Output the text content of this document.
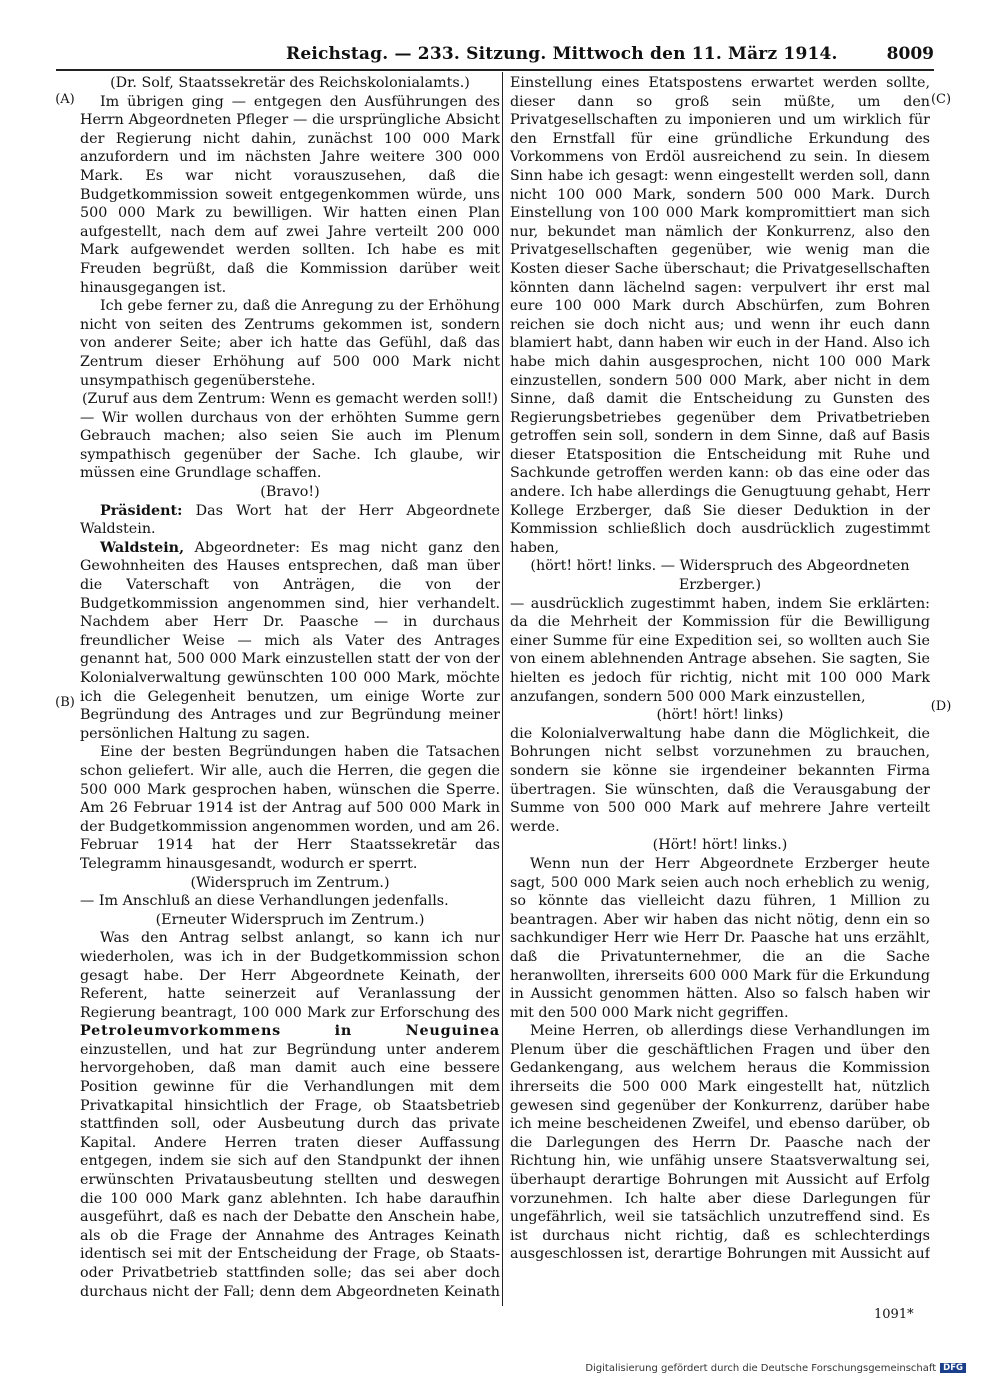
Reichstag. — 233. Sitzung. Mittwoch den 11. März 1914.	8009
(A)
(B)
(C)
(D)

(Dr. Solf, Staatssekretär des Reichskolonialamts.)

Im übrigen ging — entgegen den Ausführungen des Herrn Abgeordneten Pfleger — die ursprüngliche Absicht der Regierung nicht dahin, zunächst 100 000 Mark anzufordern und im nächsten Jahre weitere 300 000 Mark. Es war nicht vorauszusehen, daß die Budgetkommission soweit entgegenkommen würde, uns 500 000 Mark zu bewilligen. Wir hatten einen Plan aufgestellt, nach dem auf zwei Jahre verteilt 200 000 Mark aufgewendet werden sollten. Ich habe es mit Freuden begrüßt, daß die Kommission darüber weit hinausgegangen ist.

Ich gebe ferner zu, daß die Anregung zu der Erhöhung nicht von seiten des Zentrums gekommen ist, sondern von anderer Seite; aber ich hatte das Gefühl, daß das Zentrum dieser Erhöhung auf 500 000 Mark nicht unsympathisch gegenüberstehe.

(Zuruf aus dem Zentrum: Wenn es gemacht werden soll!)

— Wir wollen durchaus von der erhöhten Summe gern Gebrauch machen; also seien Sie auch im Plenum sympathisch gegenüber der Sache. Ich glaube, wir müssen eine Grundlage schaffen.

(Bravo!)

Präsident: Das Wort hat der Herr Abgeordnete Waldstein.

Waldstein, Abgeordneter: Es mag nicht ganz den Gewohnheiten des Hauses entsprechen, daß man über die Vaterschaft von Anträgen, die von der Budgetkommission angenommen sind, hier verhandelt. Nachdem aber Herr Dr. Paasche — in durchaus freundlicher Weise — mich als Vater des Antrages genannt hat, 500 000 Mark einzustellen statt der von der Kolonialverwaltung gewünschten 100 000 Mark, möchte ich die Gelegenheit benutzen, um einige Worte zur Begründung des Antrages und zur Begründung meiner persönlichen Haltung zu sagen.

Eine der besten Begründungen haben die Tatsachen schon geliefert. Wir alle, auch die Herren, die gegen die 500 000 Mark gesprochen haben, wünschen die Sperre. Am 26 Februar 1914 ist der Antrag auf 500 000 Mark in der Budgetkommission angenommen worden, und am 26. Februar 1914 hat der Herr Staatssekretär das Telegramm hinausgesandt, wodurch er sperrt.

(Widerspruch im Zentrum.)

— Im Anschluß an diese Verhandlungen jedenfalls.

(Erneuter Widerspruch im Zentrum.)

Was den Antrag selbst anlangt, so kann ich nur wiederholen, was ich in der Budgetkommission schon gesagt habe. Der Herr Abgeordnete Keinath, der Referent, hatte seinerzeit auf Veranlassung der Regierung beantragt, 100 000 Mark zur Erforschung des Petroleumvorkommens in Neuguinea einzustellen, und hat zur Begründung unter anderem hervorgehoben, daß man damit auch eine bessere Position gewinne für die Verhandlungen mit dem Privatkapital hinsichtlich der Frage, ob Staatsbetrieb stattfinden soll, oder Ausbeutung durch das private Kapital. Andere Herren traten dieser Auffassung entgegen, indem sie sich auf den Standpunkt der ihnen erwünschten Privatausbeutung stellten und deswegen die 100 000 Mark ganz ablehnten. Ich habe daraufhin ausgeführt, daß es nach der Debatte den Anschein habe, als ob die Frage der Annahme des Antrages Keinath identisch sei mit der Entscheidung der Frage, ob Staats- oder Privatbetrieb stattfinden solle; das sei aber doch durchaus nicht der Fall; denn dem Abgeordneten Keinath

Einstellung eines Etatspostens erwartet werden sollte, dieser dann so groß sein müßte, um den Privatgesellschaften zu imponieren und um wirklich für den Ernstfall für eine gründliche Erkundung des Vorkommens von Erdöl ausreichend zu sein. In diesem Sinn habe ich gesagt: wenn eingestellt werden soll, dann nicht 100 000 Mark, sondern 500 000 Mark. Durch Einstellung von 100 000 Mark kompromittiert man sich nur, bekundet man nämlich der Konkurrenz, also den Privatgesellschaften gegenüber, wie wenig man die Kosten dieser Sache überschaut; die Privatgesellschaften könnten dann lächelnd sagen: verpulvert ihr erst mal eure 100 000 Mark durch Abschürfen, zum Bohren reichen sie doch nicht aus; und wenn ihr euch dann blamiert habt, dann haben wir euch in der Hand. Also ich habe mich dahin ausgesprochen, nicht 100 000 Mark einzustellen, sondern 500 000 Mark, aber nicht in dem Sinne, daß damit die Entscheidung zu Gunsten des Regierungsbetriebes gegenüber dem Privatbetrieben getroffen sein soll, sondern in dem Sinne, daß auf Basis dieser Etatsposition die Entscheidung mit Ruhe und Sachkunde getroffen werden kann: ob das eine oder das andere. Ich habe allerdings die Genugtuung gehabt, Herr Kollege Erzberger, daß Sie dieser Deduktion in der Kommission schließlich doch ausdrücklich zugestimmt haben,

(hört! hört! links. — Widerspruch des Abgeordneten Erzberger.)

— ausdrücklich zugestimmt haben, indem Sie erklärten: da die Mehrheit der Kommission für die Bewilligung einer Summe für eine Expedition sei, so wollten auch Sie von einem ablehnenden Antrage absehen. Sie sagten, Sie hielten es jedoch für richtig, nicht mit 100 000 Mark anzufangen, sondern 500 000 Mark einzustellen,

(hört! hört! links)

die Kolonialverwaltung habe dann die Möglichkeit, die Bohrungen nicht selbst vorzunehmen zu brauchen, sondern sie könne sie irgendeiner bekannten Firma übertragen. Sie wünschten, daß die Verausgabung der Summe von 500 000 Mark auf mehrere Jahre verteilt werde.

(Hört! hört! links.)

Wenn nun der Herr Abgeordnete Erzberger heute sagt, 500 000 Mark seien auch noch erheblich zu wenig, so könnte das vielleicht dazu führen, 1 Million zu beantragen. Aber wir haben das nicht nötig, denn ein so sachkundiger Herr wie Herr Dr. Paasche hat uns erzählt, daß die Privatunternehmer, die an die Sache heranwollten, ihrerseits 600 000 Mark für die Erkundung in Aussicht genommen hätten. Also so falsch haben wir mit den 500 000 Mark nicht gegriffen.

Meine Herren, ob allerdings diese Verhandlungen im Plenum über die geschäftlichen Fragen und über den Gedankengang, aus welchem heraus die Kommission ihrerseits die 500 000 Mark eingestellt hat, nützlich gewesen sind gegenüber der Konkurrenz, darüber habe ich meine bescheidenen Zweifel, und ebenso darüber, ob die Darlegungen des Herrn Dr. Paasche nach der Richtung hin, wie unfähig unsere Staatsverwaltung sei, überhaupt derartige Bohrungen mit Aussicht auf Erfolg vorzunehmen. Ich halte aber diese Darlegungen für ungefährlich, weil sie tatsächlich unzutreffend sind. Es ist durchaus nicht richtig, daß es schlechterdings ausgeschlossen ist, derartige Bohrungen mit Aussicht auf

1091*
Digitalisierung gefördert durch die Deutsche Forschungsgemeinschaft DFG
